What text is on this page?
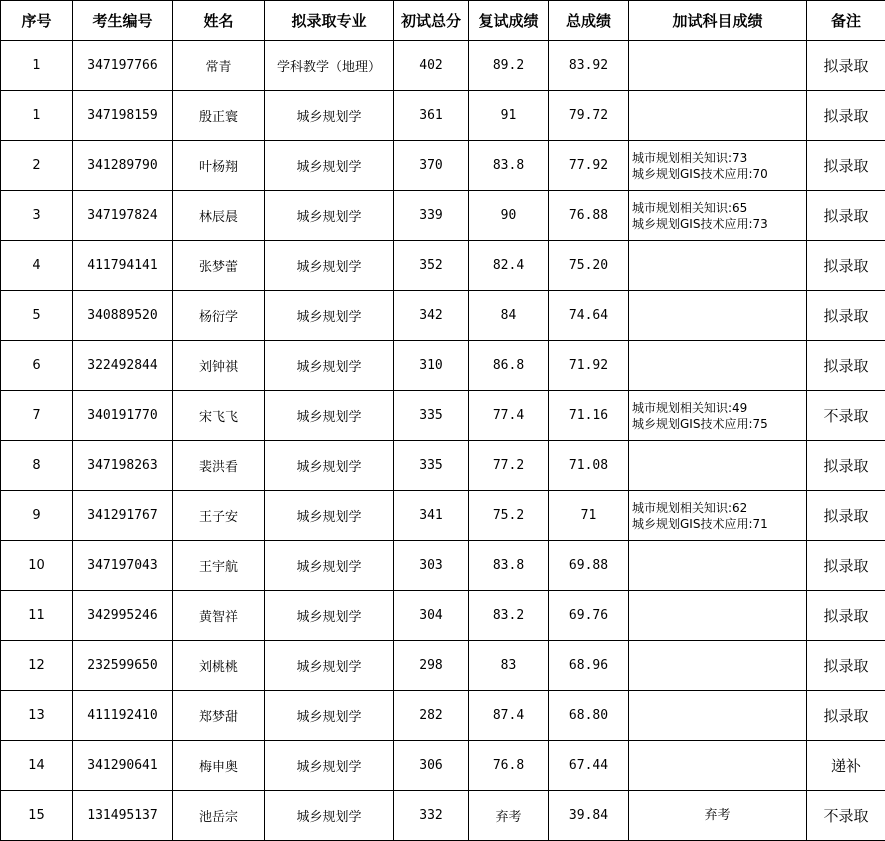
序号	考生编号	姓名	拟录取专业	初试总分	复试成绩	总成绩	加试科目成绩	备注
1	347197766	常青	学科教学（地理）	402	89.2	83.92		拟录取
1	347198159	殷正寰	城乡规划学	361	91	79.72		拟录取
2	341289790	叶杨翔	城乡规划学	370	83.8	77.92	城市规划相关知识:73
城乡规划GIS技术应用:70	拟录取
3	347197824	林辰晨	城乡规划学	339	90	76.88	城市规划相关知识:65
城乡规划GIS技术应用:73	拟录取
4	411794141	张梦蕾	城乡规划学	352	82.4	75.20		拟录取
5	340889520	杨衍学	城乡规划学	342	84	74.64		拟录取
6	322492844	刘钟祺	城乡规划学	310	86.8	71.92		拟录取
7	340191770	宋飞飞	城乡规划学	335	77.4	71.16	城市规划相关知识:49
城乡规划GIS技术应用:75	不录取
8	347198263	裴洪看	城乡规划学	335	77.2	71.08		拟录取
9	341291767	王子安	城乡规划学	341	75.2	71	城市规划相关知识:62
城乡规划GIS技术应用:71	拟录取
10	347197043	王宇航	城乡规划学	303	83.8	69.88		拟录取
11	342995246	黄智祥	城乡规划学	304	83.2	69.76		拟录取
12	232599650	刘桃桃	城乡规划学	298	83	68.96		拟录取
13	411192410	郑梦甜	城乡规划学	282	87.4	68.80		拟录取
14	341290641	梅申奥	城乡规划学	306	76.8	67.44		递补
15	131495137	池岳宗	城乡规划学	332	弃考	39.84	弃考	不录取
